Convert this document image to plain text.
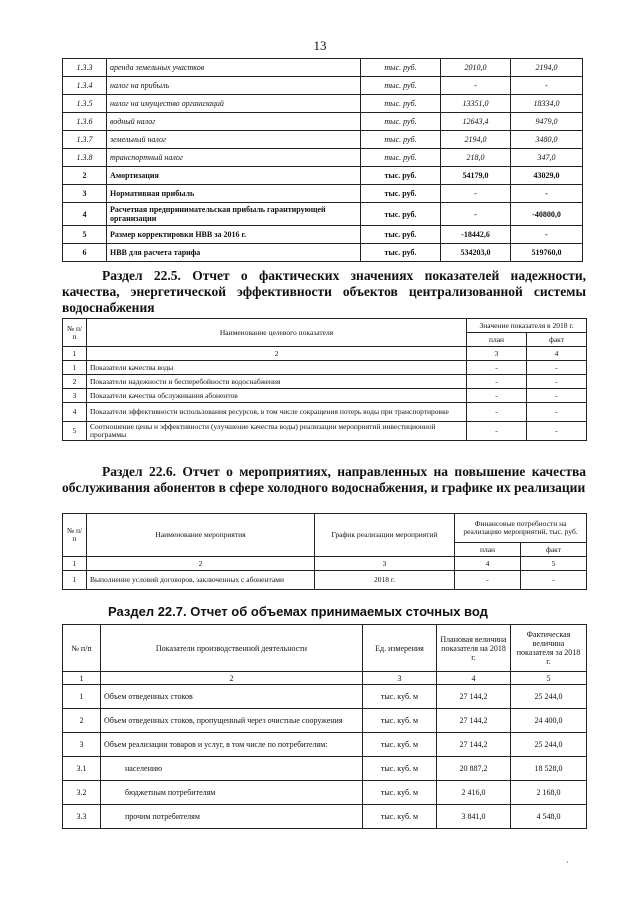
13
1.3.3	аренда земельных участков	тыс. руб.	2010,0	2194,0
1.3.4	налог на прибыль	тыс. руб.	-	-
1.3.5	налог на имущество организаций	тыс. руб.	13351,0	18334,0
1.3.6	водный налог	тыс. руб.	12643,4	9479,0
1.3.7	земельный налог	тыс. руб.	2194,0	3480,0
1.3.8	транспортный налог	тыс. руб.	218,0	347,0
2	Амортизация	тыс. руб.	54179,0	43029,0
3	Нормативная прибыль	тыс. руб.	-	-
4	Расчетная предпринимательская прибыль гарантирующей организации	тыс. руб.	-	-40800,0
5	Размер корректировки НВВ за 2016 г.	тыс. руб.	-18442,6	-
6	НВВ для расчета тарифа	тыс. руб.	534203,0	519760,0
Раздел 22.5. Отчет о фактических значениях показателей надежности, качества, энергетической эффективности объектов централизованной системы водоснабжения
№ п/п	Наименование целевого показателя	Значение показателя в 2018 г.	
		план	факт
1	2	3	4
1	Показатели качества воды	-	-
2	Показатели надежности и бесперебойности водоснабжения	-	-
3	Показатели качества обслуживания абонентов	-	-
4	Показатели эффективности использования ресурсов, в том числе сокращения потерь воды при транспортировке	-	-
5	Соотношение цены и эффективности (улучшение качества воды) реализации мероприятий инвестиционной программы	-	-
Раздел 22.6. Отчет о мероприятиях, направленных на повышение качества обслуживания абонентов в сфере холодного водоснабжения, и графике их реализации
№ п/п	Наименование мероприятия	График реализации мероприятий	Финансовые потребности на реализацию мероприятий, тыс. руб.	
			план	факт
1	2	3	4	5
1	Выполнение условий договоров, заключенных с абонентами	2018 г.	-	-
Раздел 22.7. Отчет об объемах принимаемых сточных вод
№ п/п	Показатели производственной деятельности	Ед. измерения	Плановая величина показателя на 2018 г.	Фактическая величина показателя за 2018 г.
1	2	3	4	5
1	Объем отведенных стоков	тыс. куб. м	27 144,2	25 244,0
2	Объем отведенных стоков, пропущенный через очистные сооружения	тыс. куб. м	27 144,2	24 400,0
3	Объем реализации товаров и услуг, в том числе по потребителям:	тыс. куб. м	27 144,2	25 244,0
3.1	населению	тыс. куб. м	20 887,2	18 528,0
3.2	бюджетным потребителям	тыс. куб. м	2 416,0	2 168,0
3.3	прочим потребителям	тыс. куб. м	3 841,0	4 548,0
·
